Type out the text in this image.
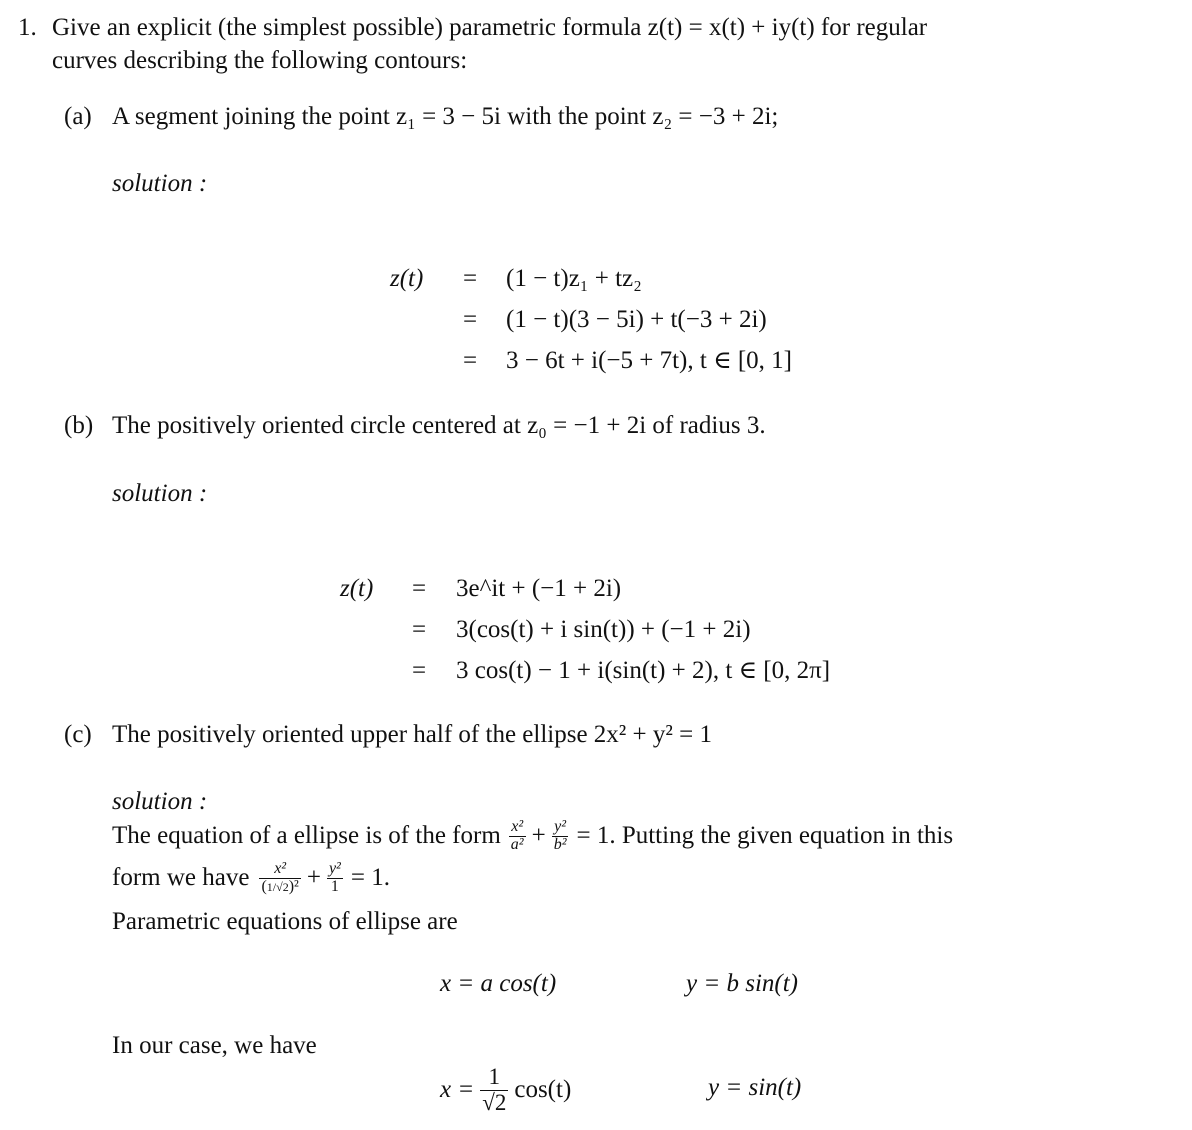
1. Give an explicit (the simplest possible) parametric formula z(t) = x(t) + iy(t) for regular
curves describing the following contours:
(a) A segment joining the point z₁ = 3 − 5i with the point z₂ = −3 + 2i;
solution :
z(t) =
=
=
(1 − t)z₁ + tz₂
(1 − t)(3 − 5i) + t(−3 + 2i)
3 − 6t + i(−5 + 7t), t ∈ [0, 1]
(b) The positively oriented circle centered at z₀ = −1 + 2i of radius 3.
solution :
z(t) =
=
=
3e^it + (−1 + 2i)
3(cos(t) + i sin(t)) + (−1 + 2i)
3 cos(t) − 1 + i(sin(t) + 2), t ∈ [0, 2π]
(c) The positively oriented upper half of the ellipse 2x² + y² = 1
solution :
The equation of a ellipse is of the form $\frac{\text{x²}}{\text{a²}} + \frac{\text{y²}}{\text{b²}} = 1$. Putting the given equation in this
form we have $\frac{\text{x²}}{\text{(1/√2)²}} + \frac{\text{y²}}{1} = 1$.
Parametric equations of ellipse are
x = a cos(t)	y = b sin(t)
In our case, we have
$x = \frac{1}{√2} \cos(t)$	y = sin(t)
